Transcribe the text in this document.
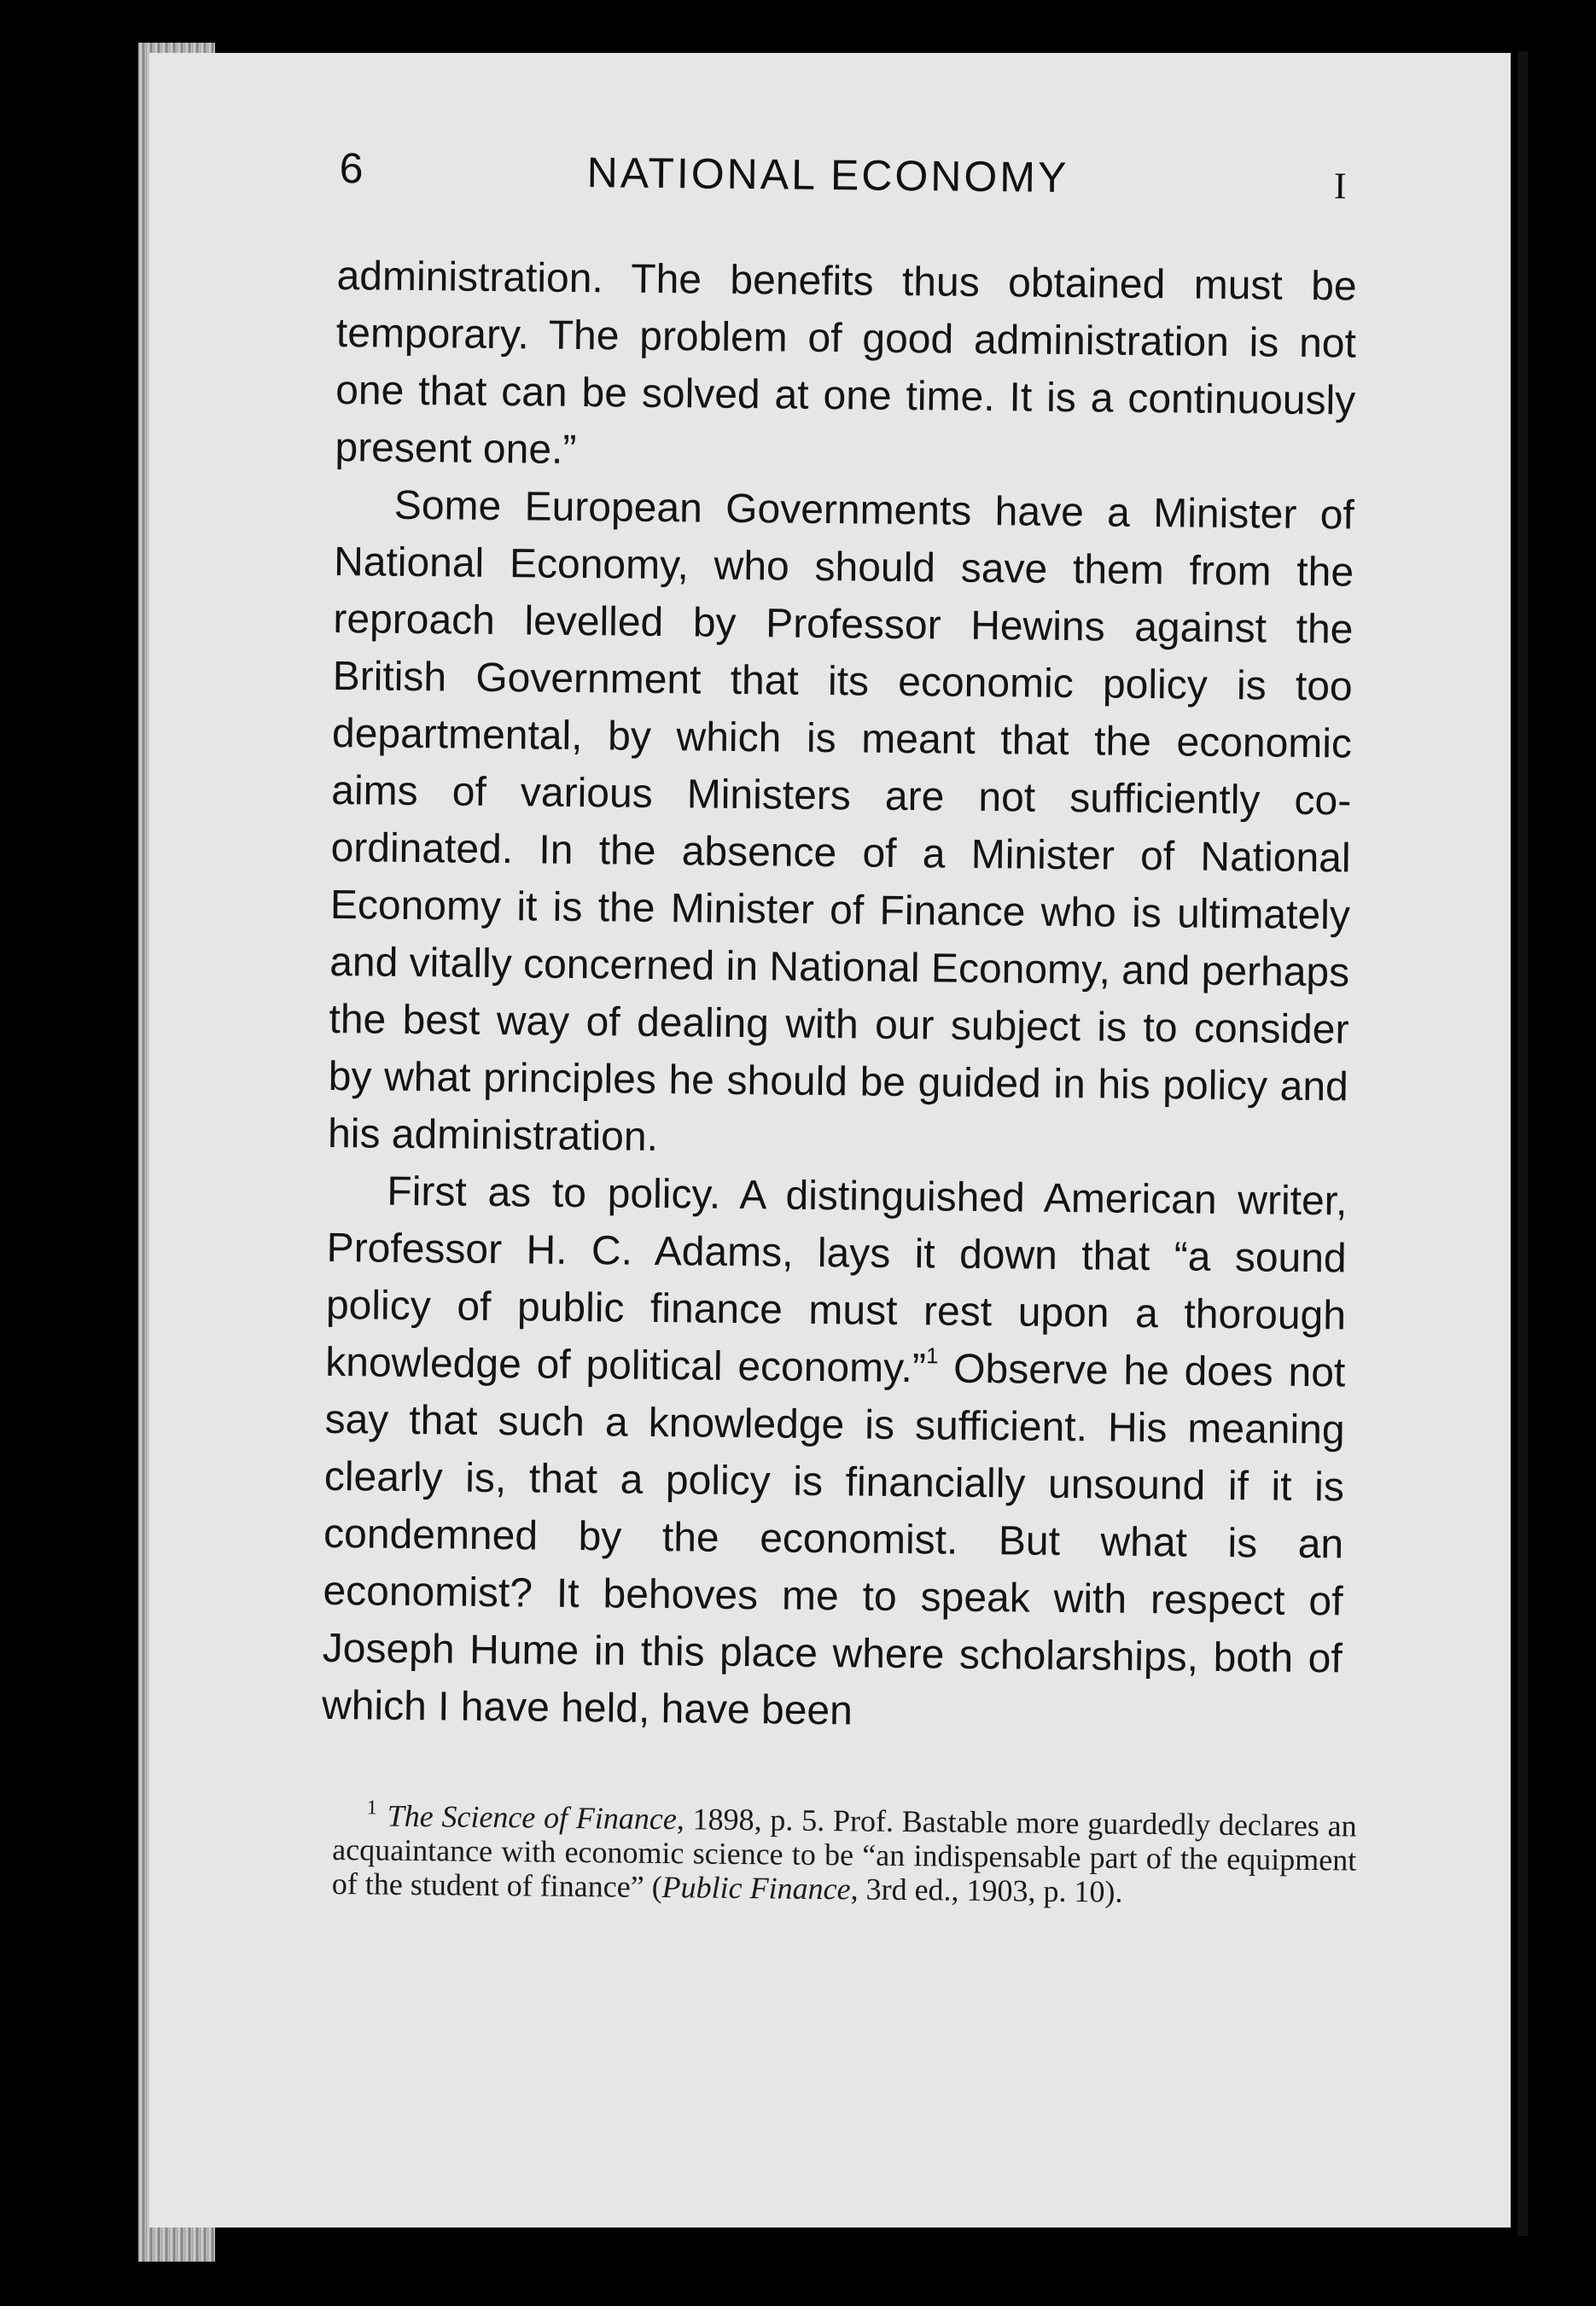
6	NATIONAL ECONOMY	I

administration. The benefits thus obtained must be temporary. The problem of good administration is not one that can be solved at one time. It is a continuously present one.”

Some European Governments have a Minister of National Economy, who should save them from the reproach levelled by Professor Hewins against the British Government that its economic policy is too departmental, by which is meant that the economic aims of various Ministers are not sufficiently co-ordinated. In the absence of a Minister of National Economy it is the Minister of Finance who is ultimately and vitally concerned in National Economy, and perhaps the best way of dealing with our subject is to consider by what principles he should be guided in his policy and his administration.

First as to policy. A distinguished American writer, Professor H. C. Adams, lays it down that “a sound policy of public finance must rest upon a thorough knowledge of political economy.”$^1$ Observe he does not say that such a knowledge is sufficient. His meaning clearly is, that a policy is financially unsound if it is condemned by the economist. But what is an economist? It behoves me to speak with respect of Joseph Hume in this place where scholarships, both of which I have held, have been

$^1$ The Science of Finance, 1898, p. 5. Prof. Bastable more guardedly declares an acquaintance with economic science to be “an indispensable part of the equipment of the student of finance” (Public Finance, 3rd ed., 1903, p. 10).
